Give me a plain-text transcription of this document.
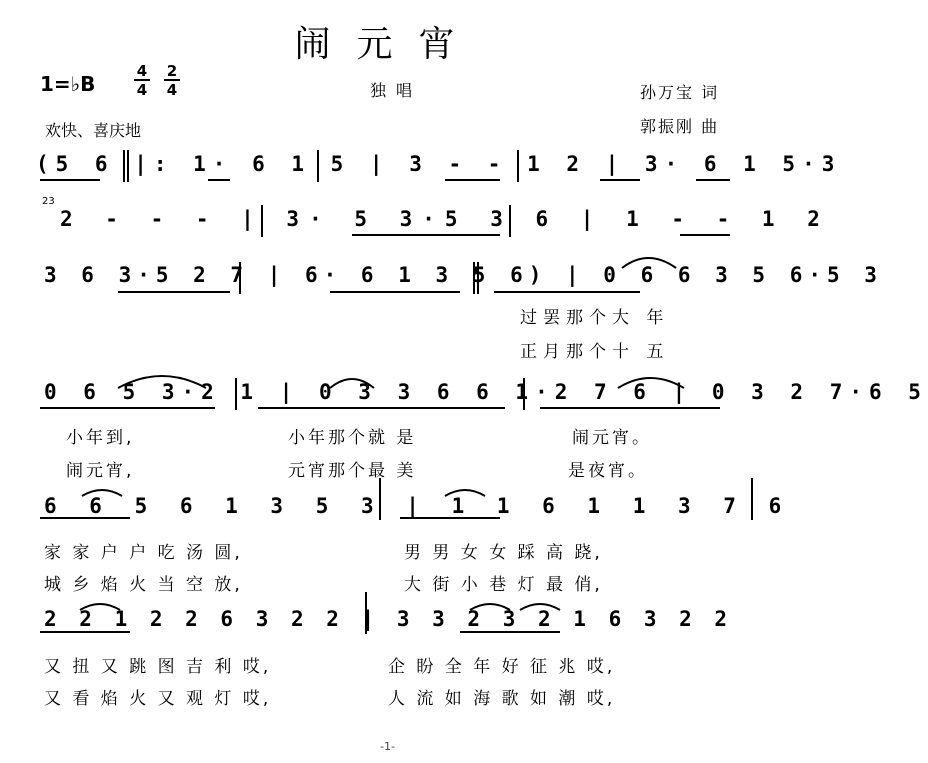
闹元宵
1=♭B
4
4
2
4	独唱	孙万宝 词
欢快、喜庆地	郭振刚 曲
(5 6 |: 1· 6 1 5 | 3 - - 1 2 | 3· 6 1 5·3
23
2 - - - | 3· 5 3·5 3 6 | 1 - - 1 2
3 6 3·5 2 7 | 6· 6 1 3 5 6) | 0 6 6 3 5 6·5 3
过罢那个大 年
正月那个十 五
0 6 5 3·2 1 | 0 3 3 6 6 1·2 7 6 | 0 3 2 7·6 5
小年到,	小年那个就 是	闹元宵。
闹元宵,	元宵那个最 美	是夜宵。
6 6 5 6 1 3 5 3 | 1 1 6 1 1 3 7 6
家 家 户 户 吃 汤 圆,	男 男 女 女 踩 高 跷,
城 乡 焰 火 当 空 放,	大 街 小 巷 灯 最 俏,
2 2 1 2 2 6 3 2 2 | 3 3 2 3 2 1 6 3 2 2
又 扭 又 跳 图 吉 利 哎,	企 盼 全 年 好 征 兆 哎,
又 看 焰 火 又 观 灯 哎,	人 流 如 海 歌 如 潮 哎,
-1-
